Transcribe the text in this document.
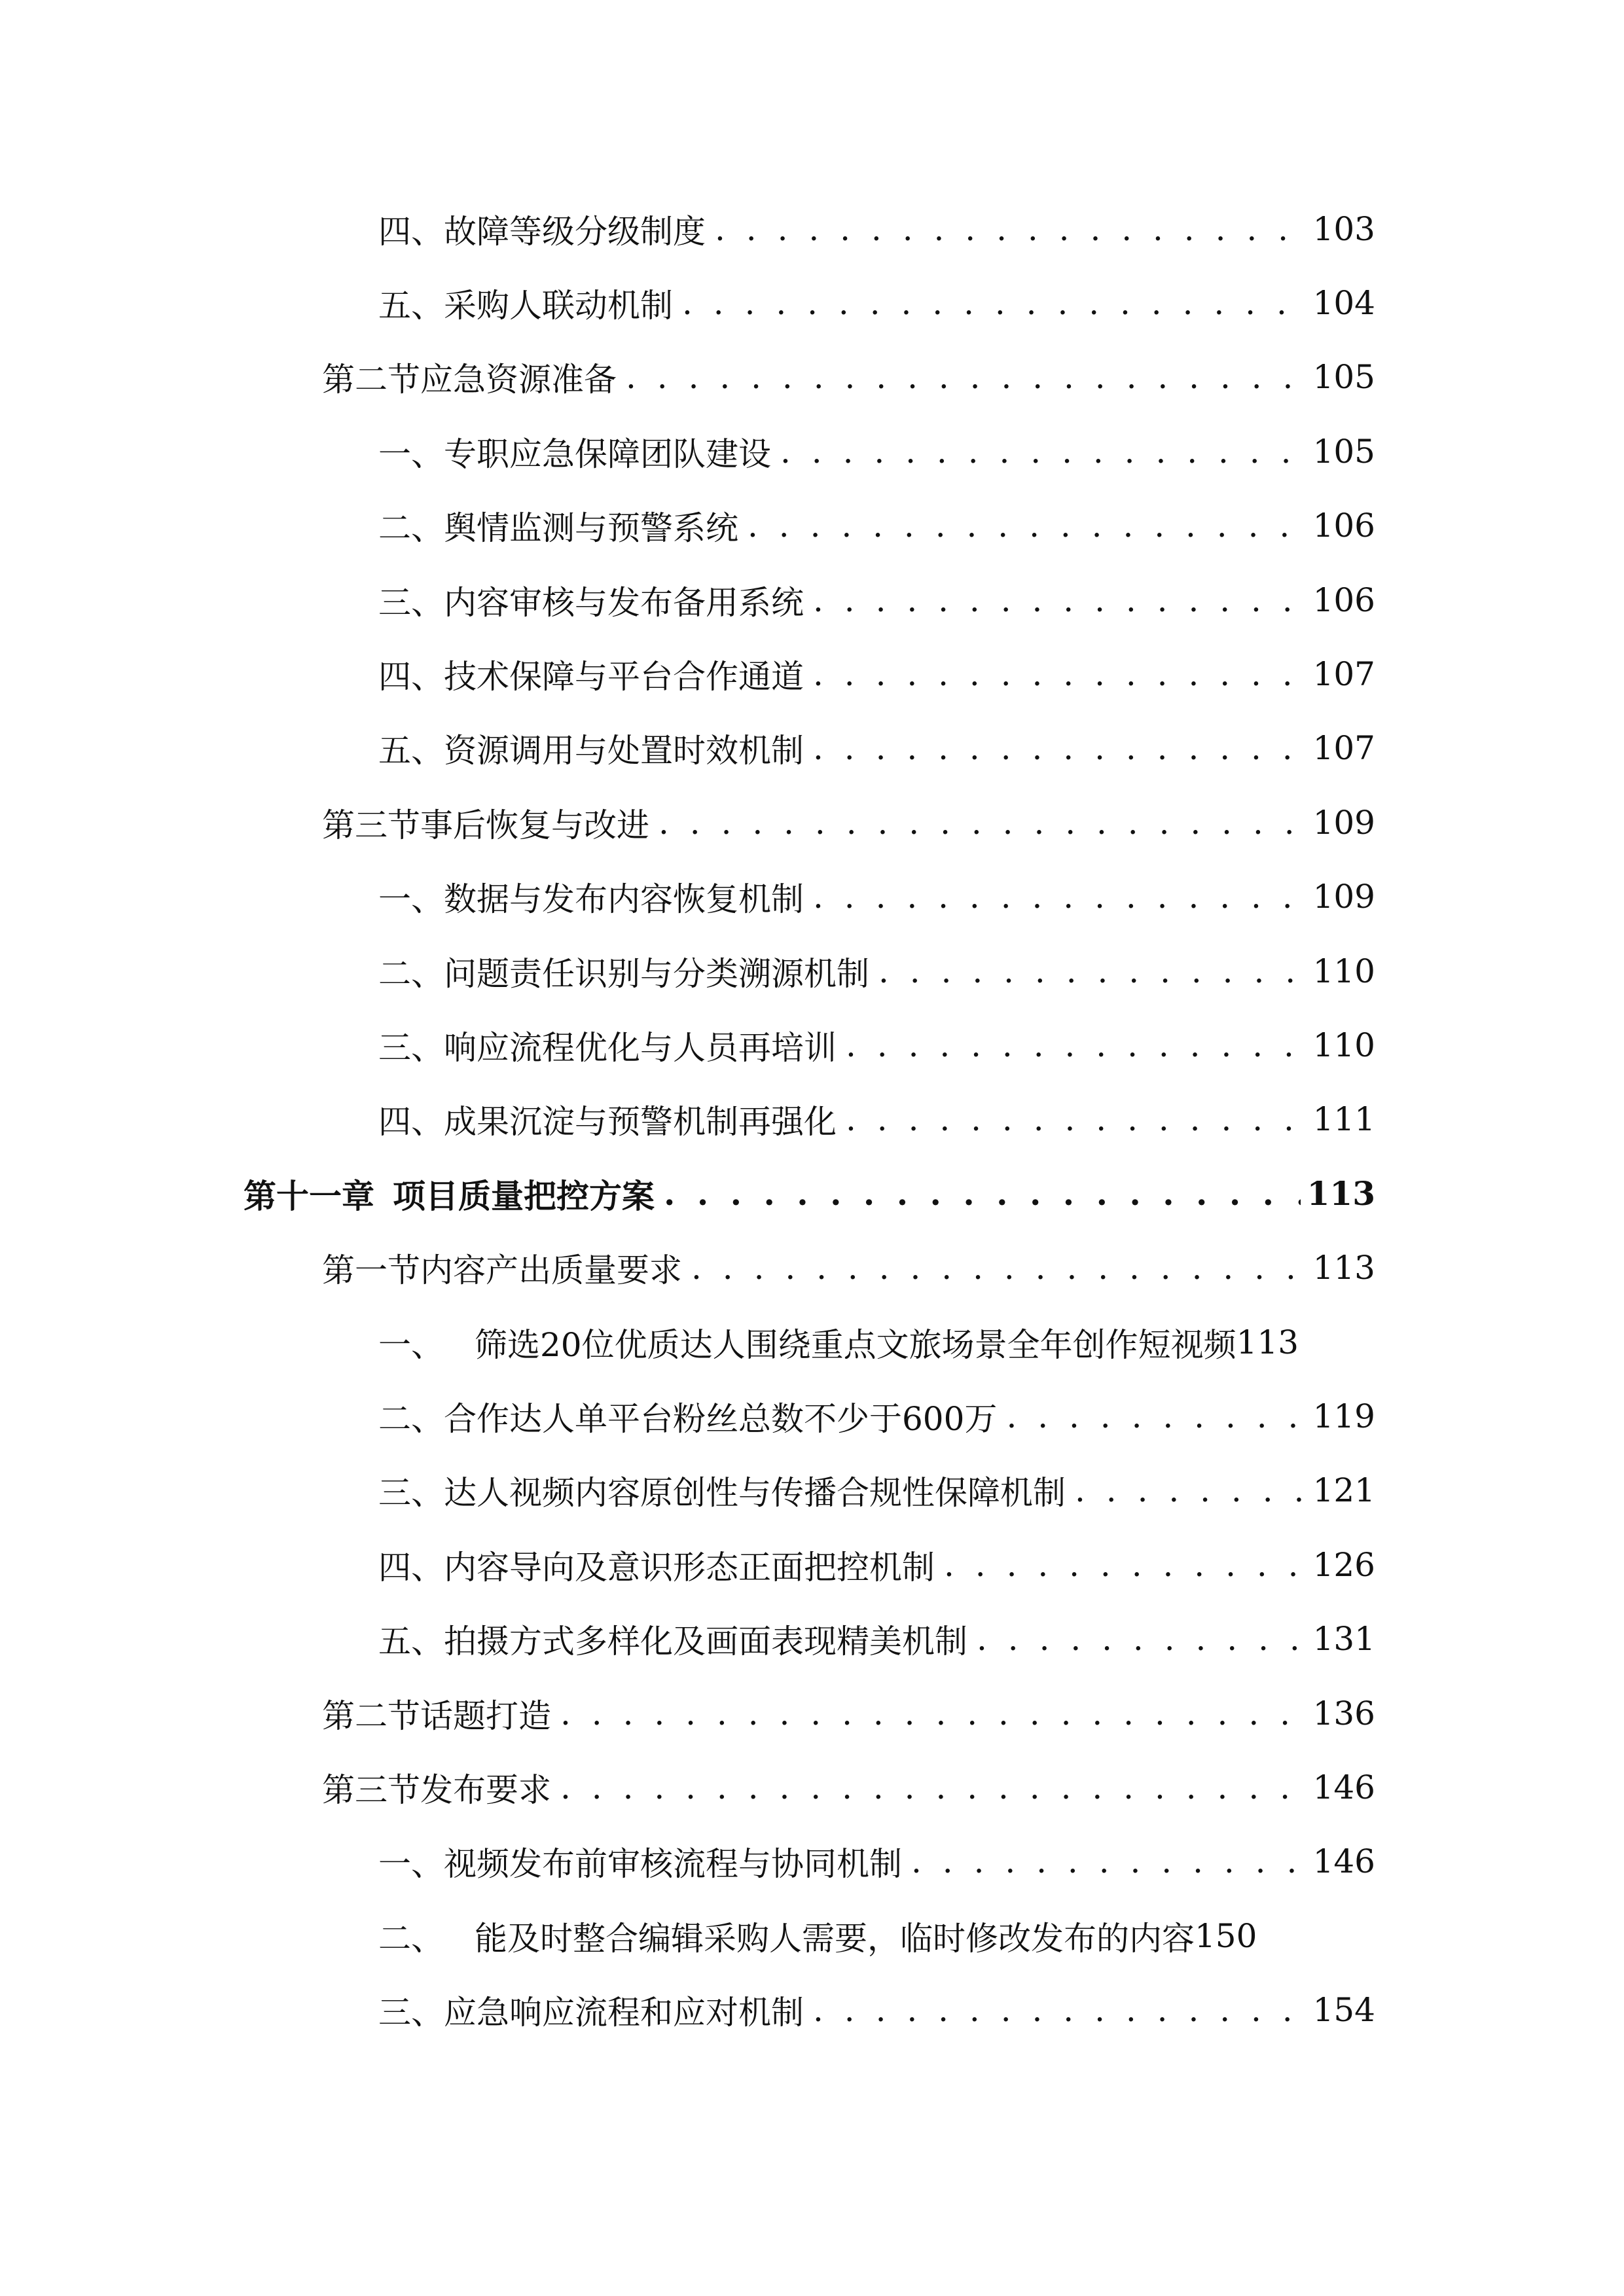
四、 故障等级分级制度 . . .	103
五、 采购人联动机制 . . .	104
第二节 应急资源准备 . . .	105
一、 专职应急保障团队建设 . . .	105
二、 舆情监测与预警系统 . . .	106
三、 内容审核与发布备用系统 . . .	106
四、 技术保障与平台合作通道 . . .	107
五、 资源调用与处置时效机制 . . .	107
第三节 事后恢复与改进 . . .	109
一、 数据与发布内容恢复机制 . . .	109
二、 问题责任识别与分类溯源机制 . . .	110
三、 响应流程优化与人员再培训 . . .	110
四、 成果沉淀与预警机制再强化 . . .	111
第十一章 项目质量把控方案 . . .	113
第一节 内容产出质量要求 . . .	113
一、 筛选20位优质达人围绕重点文旅场景全年创作短视频 113
二、 合作达人单平台粉丝总数不少于600万 . . .	119
三、 达人视频内容原创性与传播合规性保障机制 . . .	121
四、 内容导向及意识形态正面把控机制 . . .	126
五、 拍摄方式多样化及画面表现精美机制 . . .	131
第二节 话题打造 . . .	136
第三节 发布要求 . . .	146
一、 视频发布前审核流程与协同机制 . . .	146
二、 能及时整合编辑采购人需要，临时修改发布的内容 150
三、 应急响应流程和应对机制 . . .	154
